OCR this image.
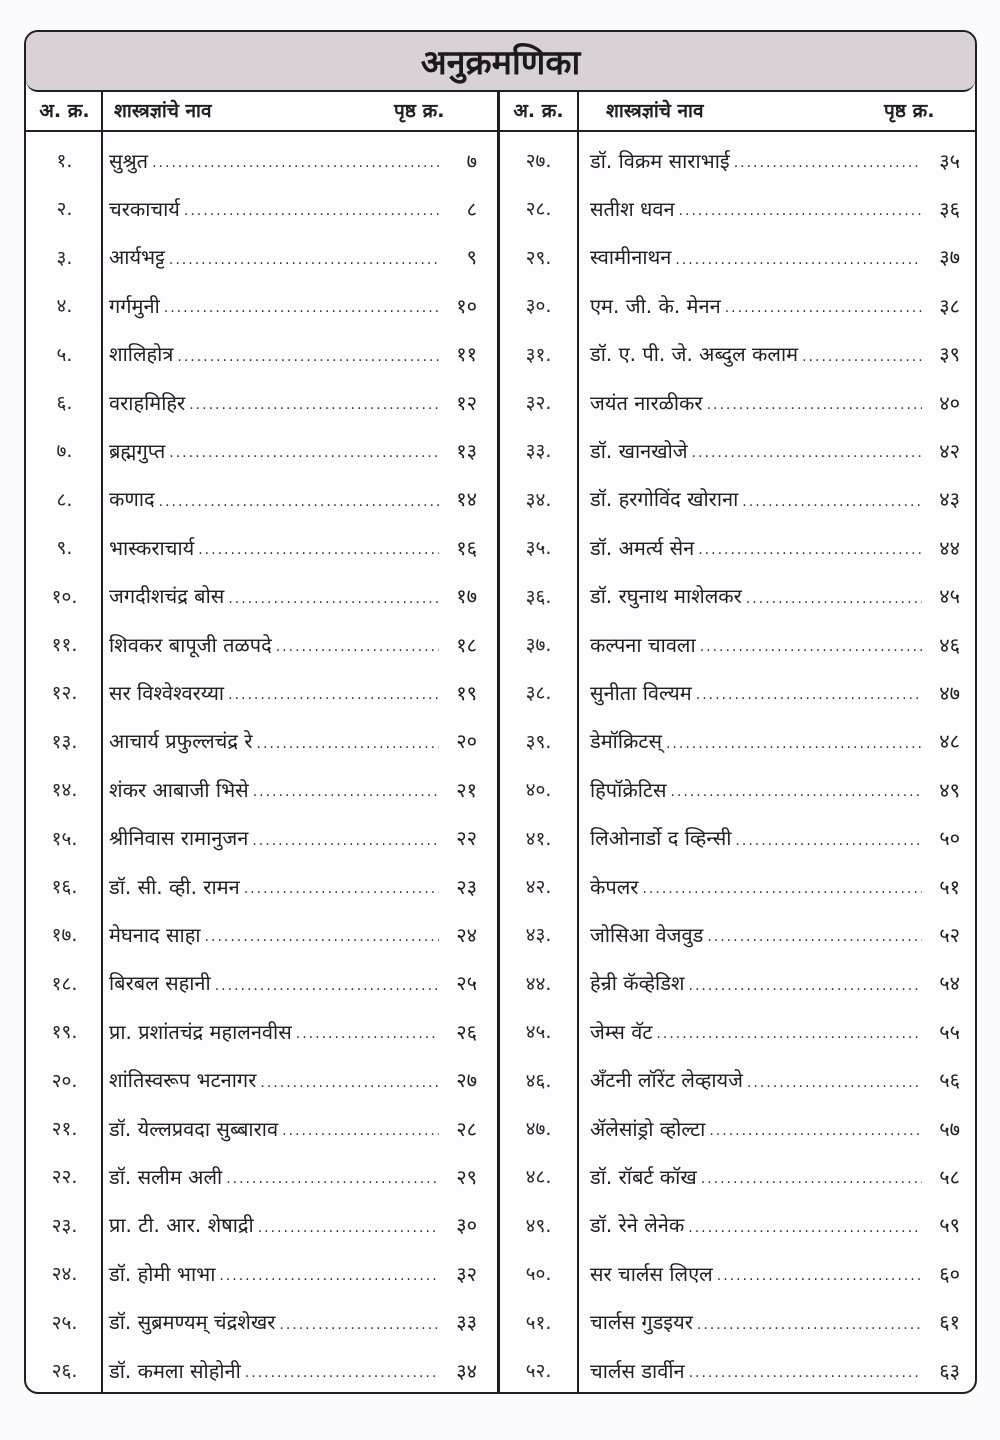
अनुक्रमणिका
अ. क्र.	शास्त्रज्ञांचे नाव	पृष्ठ क्र.	अ. क्र.	शास्त्रज्ञांचे नाव	पृष्ठ क्र.
१.	सुश्रुत .....	७
२.	चरकाचार्य .....	८
३.	आर्यभट्ट .....	९
४.	गर्गमुनी .....	१०
५.	शालिहोत्र .....	११
६.	वराहमिहिर .....	१२
७.	ब्रह्मगुप्त .....	१३
८.	कणाद .....	१४
९.	भास्कराचार्य .....	१६
१०.	जगदीशचंद्र बोस .....	१७
११.	शिवकर बापूजी तळपदे .....	१८
१२.	सर विश्वेश्वरय्या .....	१९
१३.	आचार्य प्रफुल्लचंद्र रे .....	२०
१४.	शंकर आबाजी भिसे .....	२१
१५.	श्रीनिवास रामानुजन .....	२२
१६.	डॉ. सी. व्ही. रामन .....	२३
१७.	मेघनाद साहा .....	२४
१८.	बिरबल सहानी .....	२५
१९.	प्रा. प्रशांतचंद्र महालनवीस .....	२६
२०.	शांतिस्वरूप भटनागर .....	२७
२१.	डॉ. येल्लप्रवदा सुब्बाराव .....	२८
२२.	डॉ. सलीम अली .....	२९
२३.	प्रा. टी. आर. शेषाद्री .....	३०
२४.	डॉ. होमी भाभा .....	३२
२५.	डॉ. सुब्रमण्यम् चंद्रशेखर .....	३३
२६.	डॉ. कमला सोहोनी .....	३४
२७.	डॉ. विक्रम साराभाई .....	३५
२८.	सतीश धवन .....	३६
२९.	स्वामीनाथन .....	३७
३०.	एम. जी. के. मेनन .....	३८
३१.	डॉ. ए. पी. जे. अब्दुल कलाम .....	३९
३२.	जयंत नारळीकर .....	४०
३३.	डॉ. खानखोजे .....	४२
३४.	डॉ. हरगोविंद खोराना .....	४३
३५.	डॉ. अमर्त्य सेन .....	४४
३६.	डॉ. रघुनाथ माशेलकर .....	४५
३७.	कल्पना चावला .....	४६
३८.	सुनीता विल्यम .....	४७
३९.	डेमॉक्रिटस् .....	४८
४०.	हिपॉक्रेटिस .....	४९
४१.	लिओनार्डो द व्हिन्सी .....	५०
४२.	केपलर .....	५१
४३.	जोसिआ वेजवुड .....	५२
४४.	हेन्री कॅव्हेडिश .....	५४
४५.	जेम्स वॅट .....	५५
४६.	अँटनी लॉरेंट लेव्हायजे .....	५६
४७.	ॲलेसांड्रो व्होल्टा .....	५७
४८.	डॉ. रॉबर्ट कॉख .....	५८
४९.	डॉ. रेने लेनेक .....	५९
५०.	सर चार्लस लिएल .....	६०
५१.	चार्लस गुडइयर .....	६१
५२.	चार्लस डार्वीन .....	६३
